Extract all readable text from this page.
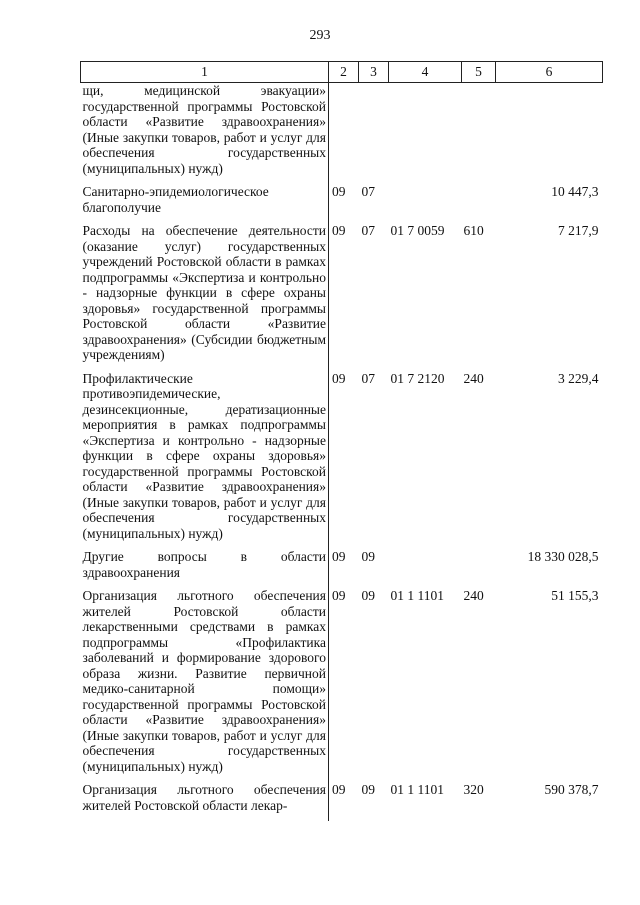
293
1	2	3	4	5	6
щи, медицинской эвакуации» государственной программы Ростовской области «Развитие здравоохранения» (Иные закупки товаров, работ и услуг для обеспечения государственных (муниципальных) нужд)					
Санитарно-эпидемиологическое благополучие	09	07			10 447,3
Расходы на обеспечение деятельности (оказание услуг) государственных учреждений Ростовской области в рамках подпрограммы «Экспертиза и контрольно - надзорные функции в сфере охраны здоровья» государственной программы Ростовской области «Развитие здравоохранения» (Субсидии бюджетным учреждениям)	09	07	01 7 0059	610	7 217,9
Профилактические противоэпидемические, дезинсекционные, дератизационные мероприятия в рамках подпрограммы «Экспертиза и контрольно - надзорные функции в сфере охраны здоровья» государственной программы Ростовской области «Развитие здравоохранения» (Иные закупки товаров, работ и услуг для обеспечения государственных (муниципальных) нужд)	09	07	01 7 2120	240	3 229,4
Другие вопросы в области здравоохранения	09	09			18 330 028,5
Организация льготного обеспечения жителей Ростовской области лекарственными средствами в рамках подпрограммы «Профилактика заболеваний и формирование здорового образа жизни. Развитие первичной медико-санитарной помощи» государственной программы Ростовской области «Развитие здравоохранения» (Иные закупки товаров, работ и услуг для обеспечения государственных (муниципальных) нужд)	09	09	01 1 1101	240	51 155,3
Организация льготного обеспечения жителей Ростовской области лекар-	09	09	01 1 1101	320	590 378,7
